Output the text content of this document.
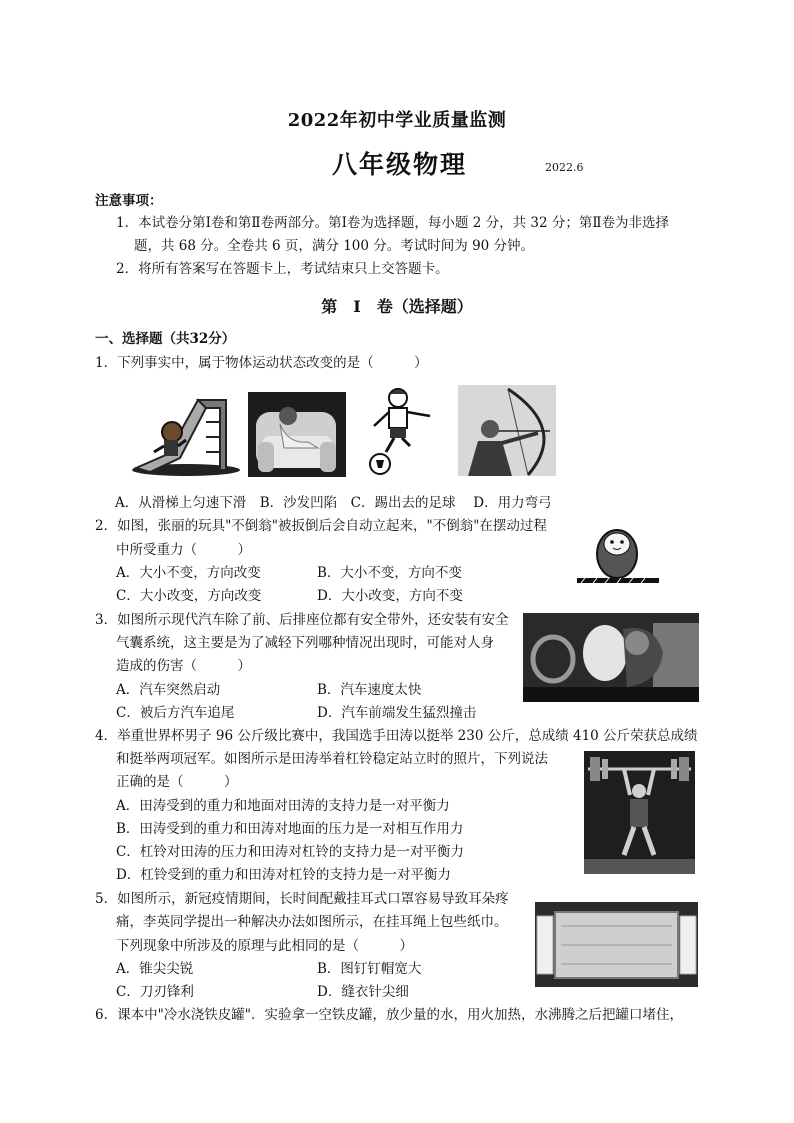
2022年初中学业质量监测
八年级物理	2022.6
注意事项：
1．本试卷分第Ⅰ卷和第Ⅱ卷两部分。第Ⅰ卷为选择题，每小题 2 分，共 32 分；第Ⅱ卷为非选择
题，共 68 分。全卷共 6 页，满分 100 分。考试时间为 90 分钟。
2．将所有答案写在答题卡上，考试结束只上交答题卡。
第　Ⅰ　卷（选择题）
一、选择题（共32分）
1．下列事实中，属于物体运动状态改变的是（　　　）
A．从滑梯上匀速下滑　B．沙发凹陷　C．踢出去的足球　 D．用力弯弓
2．如图，张丽的玩具"不倒翁"被扳倒后会自动立起来，"不倒翁"在摆动过程
中所受重力（　　　）
A．大小不变，方向改变	B．大小不变，方向不变
C．大小改变，方向改变	D．大小改变，方向不变
3．如图所示现代汽车除了前、后排座位都有安全带外，还安装有安全
气囊系统，这主要是为了减轻下列哪种情况出现时，可能对人身
造成的伤害（　　　）
A．汽车突然启动	B．汽车速度太快
C．被后方汽车追尾	D．汽车前端发生猛烈撞击
4．举重世界杯男子 96 公斤级比赛中，我国选手田涛以挺举 230 公斤，总成绩 410 公斤荣获总成绩
和挺举两项冠军。如图所示是田涛举着杠铃稳定站立时的照片，下列说法
正确的是（　　　）
A．田涛受到的重力和地面对田涛的支持力是一对平衡力
B．田涛受到的重力和田涛对地面的压力是一对相互作用力
C．杠铃对田涛的压力和田涛对杠铃的支持力是一对平衡力
D．杠铃受到的重力和田涛对杠铃的支持力是一对平衡力
5．如图所示，新冠疫情期间，长时间配戴挂耳式口罩容易导致耳朵疼
痛，李英同学提出一种解决办法如图所示，在挂耳绳上包些纸巾。
下列现象中所涉及的原理与此相同的是（　　　）
A．锥尖尖锐	B．图钉钉帽宽大
C．刀刃锋利	D．缝衣针尖细
6．课本中"冷水浇铁皮罐"．实验拿一空铁皮罐，放少量的水，用火加热，水沸腾之后把罐口堵住，
